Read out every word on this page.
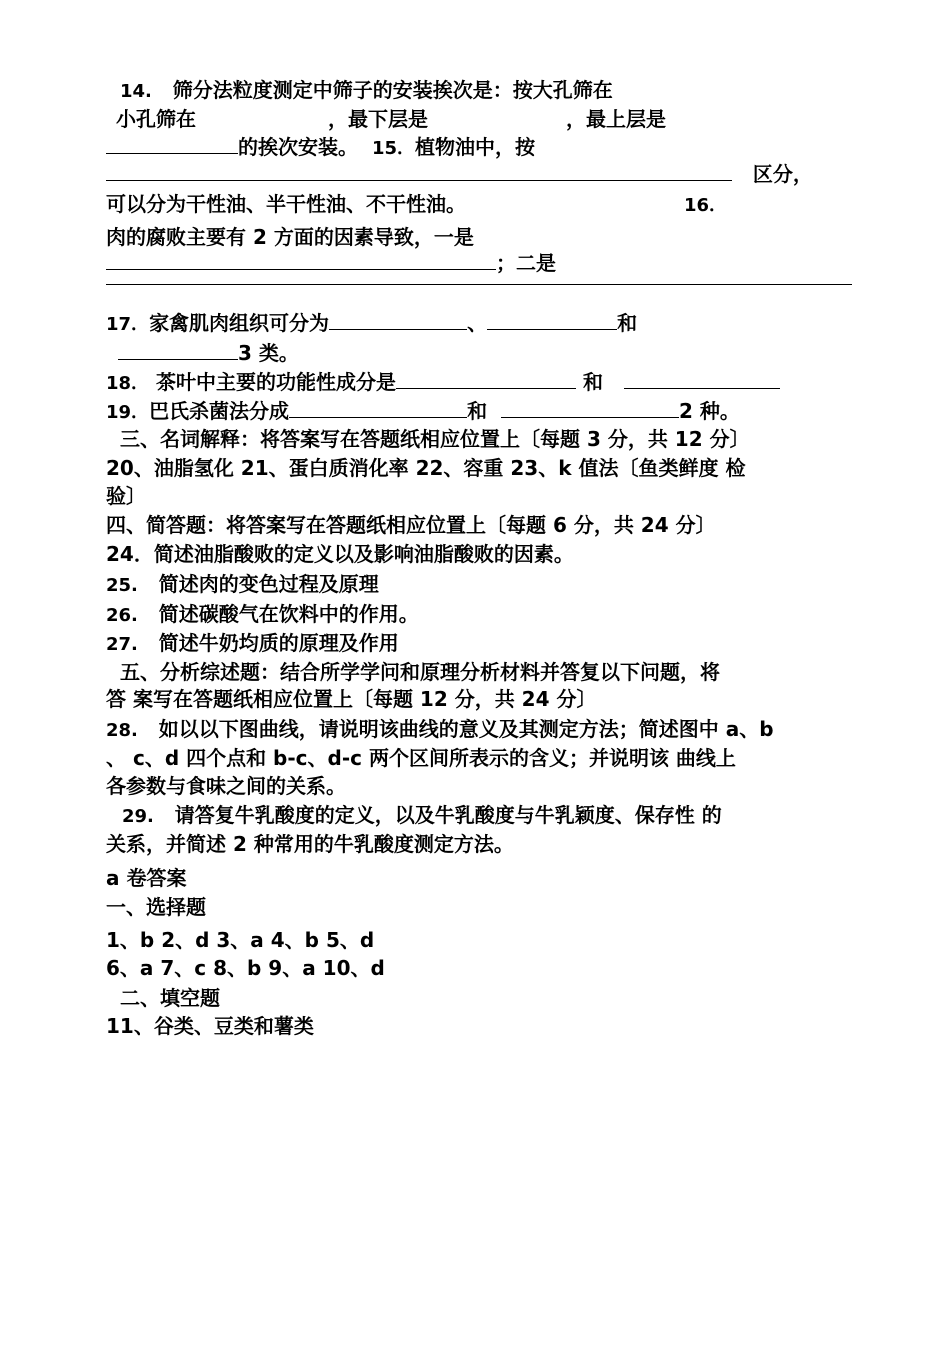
14. 筛分法粒度测定中筛子的安装挨次是：按大孔筛在
小孔筛在	，最下层是	，最上层是
的挨次安装。 15．植物油中，按
区分，
可以分为干性油、半干性油、不干性油。	16．
肉的腐败主要有 2 方面的因素导致，一是
；二是
17．家禽肌肉组织可分为	、	和
3 类。
18． 茶叶中主要的功能性成分是	和
19．巴氏杀菌法分成	和	2 种。
三、名词解释：将答案写在答题纸相应位置上〔每题 3 分，共 12 分〕
20、油脂氢化 21、蛋白质消化率 22、容重 23、k 值法〔鱼类鲜度 检
验〕
四、简答题：将答案写在答题纸相应位置上〔每题 6 分，共 24 分〕
24．简述油脂酸败的定义以及影响油脂酸败的因素。
25. 简述肉的变色过程及原理
26. 简述碳酸气在饮料中的作用。
27. 简述牛奶均质的原理及作用
五、分析综述题：结合所学学问和原理分析材料并答复以下问题，将
答 案写在答题纸相应位置上〔每题 12 分，共 24 分〕
28. 如以以下图曲线，请说明该曲线的意义及其测定方法；简述图中 a、b
、 c、d 四个点和 b-c、d-c 两个区间所表示的含义；并说明该 曲线上
各参数与食味之间的关系。
29. 请答复牛乳酸度的定义，以及牛乳酸度与牛乳颖度、保存性 的
关系，并简述 2 种常用的牛乳酸度测定方法。
a 卷答案
一、选择题
1、b 2、d 3、a 4、b 5、d
6、a 7、c 8、b 9、a 10、d
二、填空题
11、谷类、豆类和薯类
